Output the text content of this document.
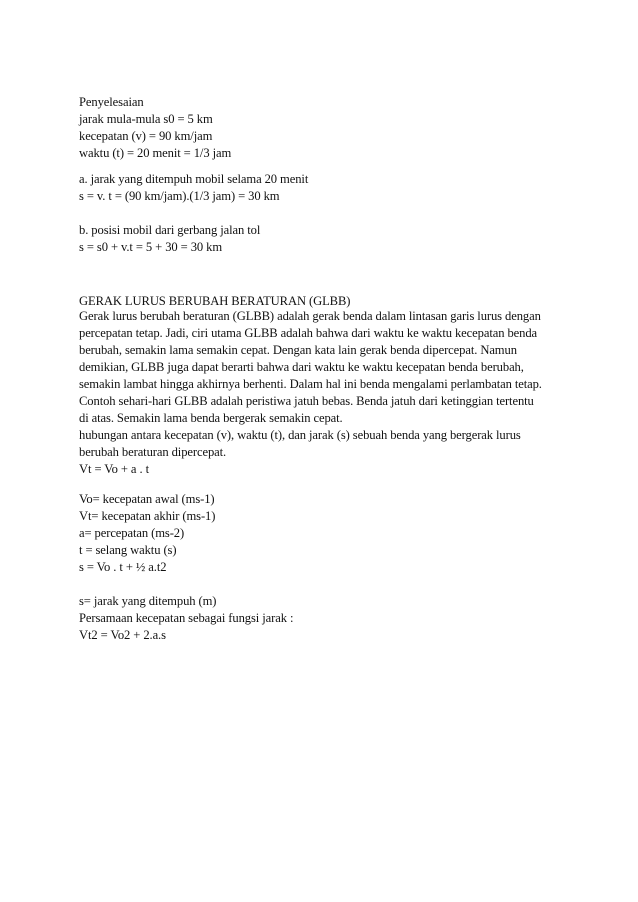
Penyelesaian
jarak mula-mula s0 = 5 km
kecepatan (v) = 90 km/jam
waktu (t) = 20 menit = 1/3 jam
a. jarak yang ditempuh mobil selama 20 menit
s = v. t = (90 km/jam).(1/3 jam) = 30 km
b. posisi mobil dari gerbang jalan tol
s = s0 + v.t = 5 + 30 = 30 km
GERAK LURUS BERUBAH BERATURAN (GLBB)
Gerak lurus berubah beraturan (GLBB) adalah gerak benda dalam lintasan garis lurus dengan
percepatan tetap. Jadi, ciri utama GLBB adalah bahwa dari waktu ke waktu kecepatan benda
berubah, semakin lama semakin cepat. Dengan kata lain gerak benda dipercepat. Namun
demikian, GLBB juga dapat berarti bahwa dari waktu ke waktu kecepatan benda berubah,
semakin lambat hingga akhirnya berhenti. Dalam hal ini benda mengalami perlambatan tetap.
Contoh sehari-hari GLBB adalah peristiwa jatuh bebas. Benda jatuh dari ketinggian tertentu
di atas. Semakin lama benda bergerak semakin cepat.
hubungan antara kecepatan (v), waktu (t), dan jarak (s) sebuah benda yang bergerak lurus
berubah beraturan dipercepat.
Vt = Vo + a . t
Vo= kecepatan awal (ms-1)
Vt= kecepatan akhir (ms-1)
a= percepatan (ms-2)
t = selang waktu (s)
s = Vo . t + ½ a.t2
s= jarak yang ditempuh (m)
Persamaan kecepatan sebagai fungsi jarak :
Vt2 = Vo2 + 2.a.s
